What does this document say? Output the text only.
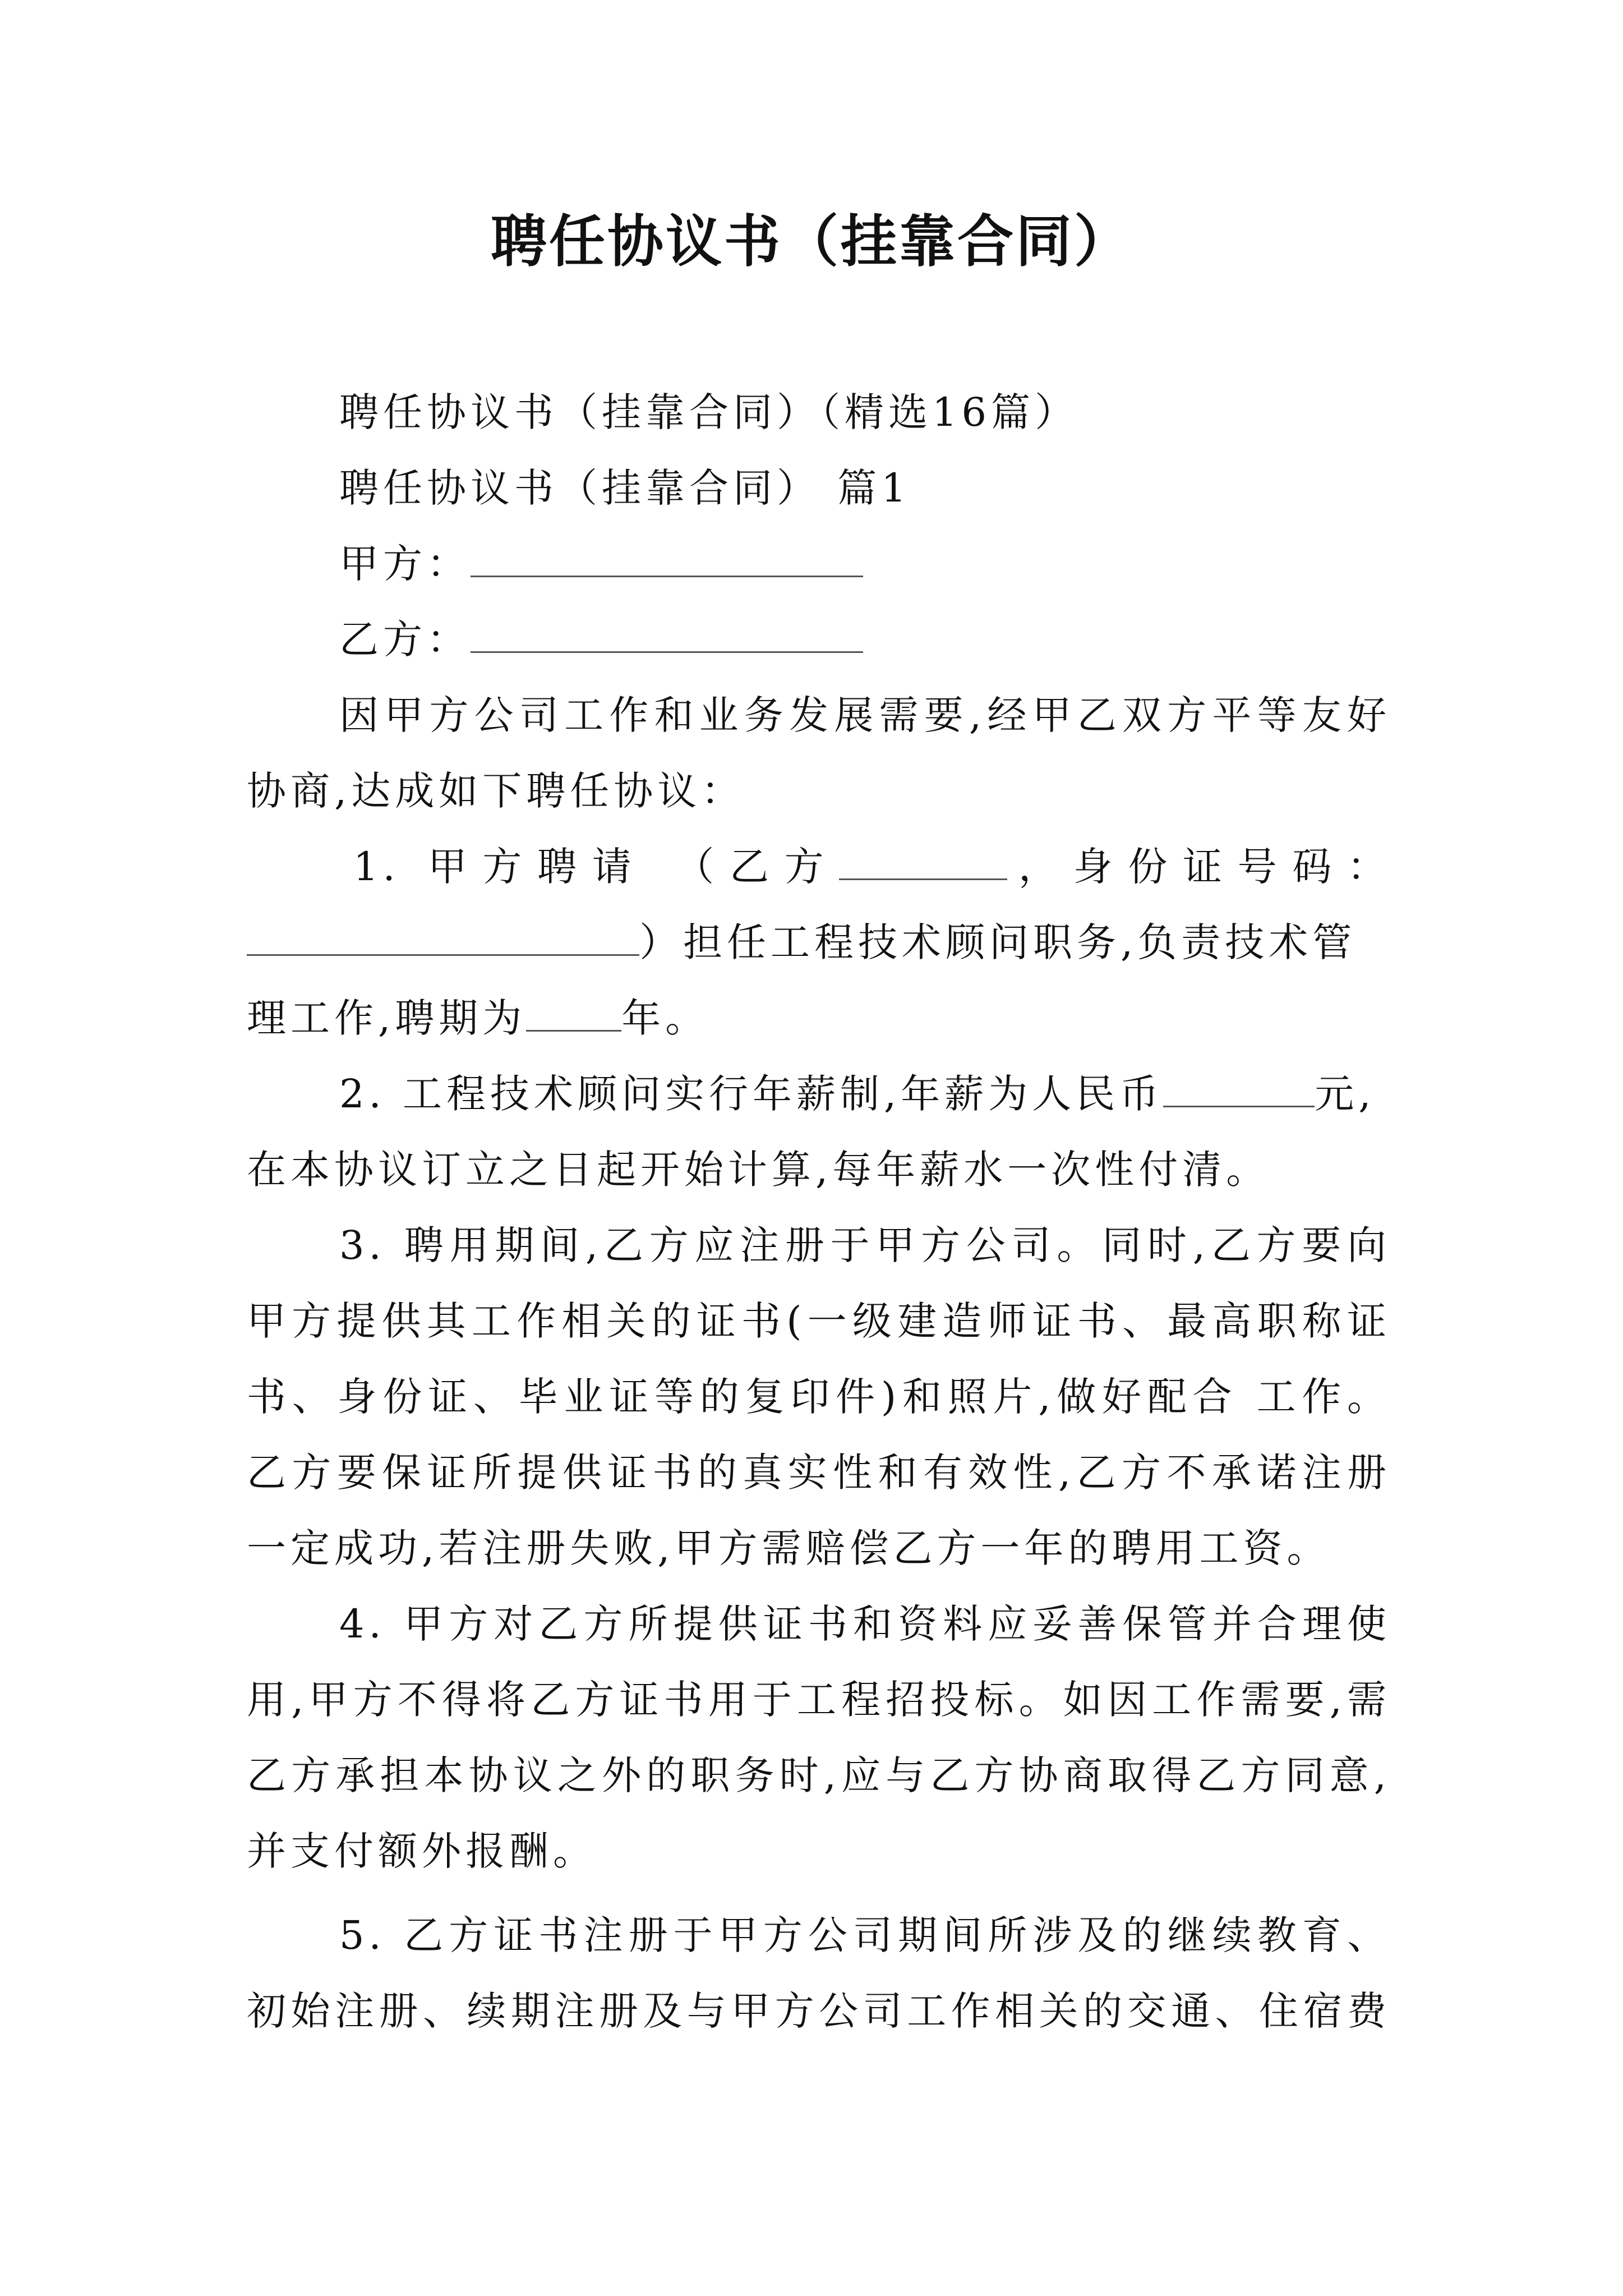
聘任协议书（挂靠合同）
聘任协议书（挂靠合同）（精选16篇）
聘任协议书（挂靠合同） 篇1
甲方：
乙方：
因甲方公司工作和业务发展需要,经甲乙双方平等友好
协商,达成如下聘任协议：
1. 甲方聘请 （乙方	，身份证号码：
）担任工程技术顾问职务,负责技术管
理工作,聘期为 年。
2. 工程技术顾问实行年薪制,年薪为人民币	元,
在本协议订立之日起开始计算,每年薪水一次性付清。
3. 聘用期间,乙方应注册于甲方公司。同时,乙方要向
甲方提供其工作相关的证书(一级建造师证书、最高职称证
书、身份证、毕业证等的复印件)和照片,做好配合 工作。
乙方要保证所提供证书的真实性和有效性,乙方不承诺注册
一定成功,若注册失败,甲方需赔偿乙方一年的聘用工资。
4. 甲方对乙方所提供证书和资料应妥善保管并合理使
用,甲方不得将乙方证书用于工程招投标。如因工作需要,需
乙方承担本协议之外的职务时,应与乙方协商取得乙方同意,
并支付额外报酬。
5. 乙方证书注册于甲方公司期间所涉及的继续教育、
初始注册、续期注册及与甲方公司工作相关的交通、住宿费
